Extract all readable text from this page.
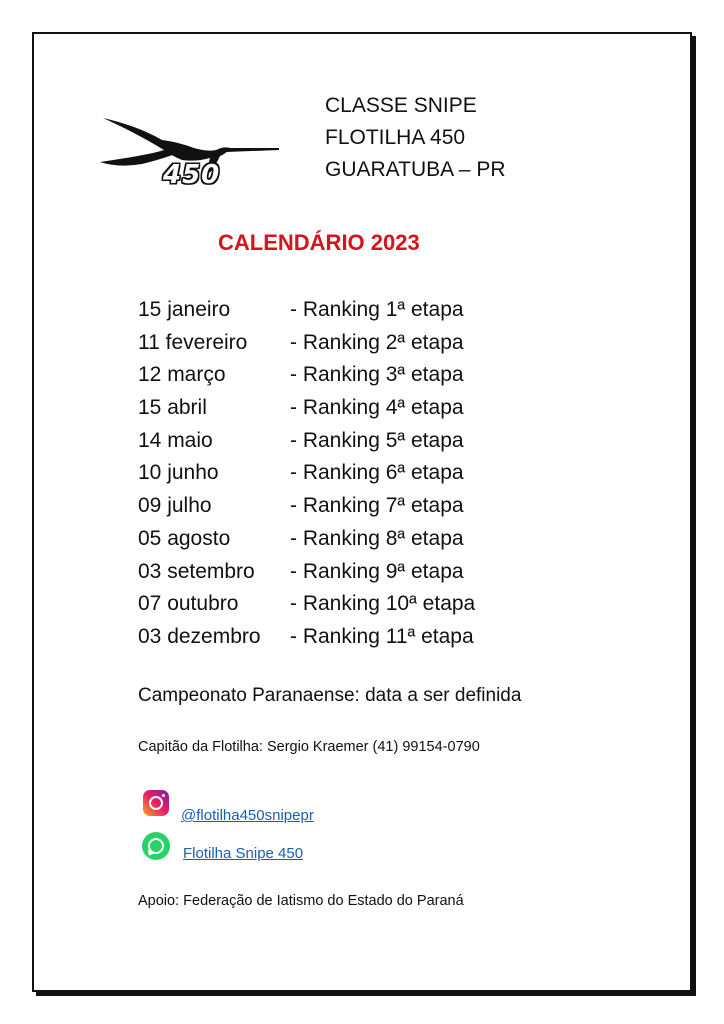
450
CLASSE SNIPE
FLOTILHA 450
GUARATUBA – PR
CALENDÁRIO 2023
15 janeiro	- Ranking 1ª etapa
11 fevereiro - Ranking 2ª etapa
12 março	- Ranking 3ª etapa
15 abril	- Ranking 4ª etapa
14 maio	- Ranking 5ª etapa
10 junho	- Ranking 6ª etapa
09 julho	- Ranking 7ª etapa
05 agosto	- Ranking 8ª etapa
03 setembro - Ranking 9ª etapa
07 outubro - Ranking 10ª etapa
03 dezembro - Ranking 11ª etapa
Campeonato Paranaense: data a ser definida
Capitão da Flotilha: Sergio Kraemer (41) 99154-0790
@flotilha450snipepr
Flotilha Snipe 450
Apoio: Federação de Iatismo do Estado do Paraná
